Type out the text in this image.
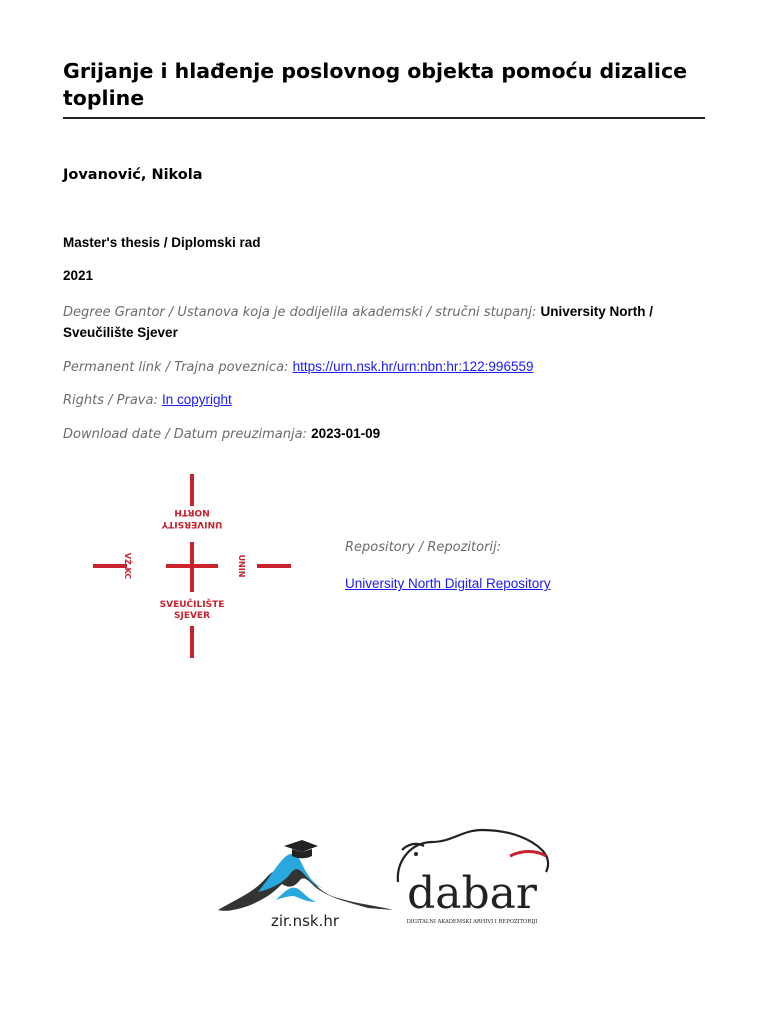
Grijanje i hlađenje poslovnog objekta pomoću dizalice topline
Jovanović, Nikola
Master's thesis / Diplomski rad
2021
Degree Grantor / Ustanova koja je dodijelila akademski / stručni stupanj: University North / Sveučilište Sjever
Permanent link / Trajna poveznica: https://urn.nsk.hr/urn:nbn:hr:122:996559
Rights / Prava: In copyright
Download date / Datum preuzimanja: 2023-01-09
NORTH
UNIVERSITY
VŽ KC	UNIN
SVEUČILIŠTE
SJEVER
Repository / Repozitorij:
University North Digital Repository
zir.nsk.hr
dabar
DIGITALNI AKADEMSKI ARHIVI I REPOZITORIJI
